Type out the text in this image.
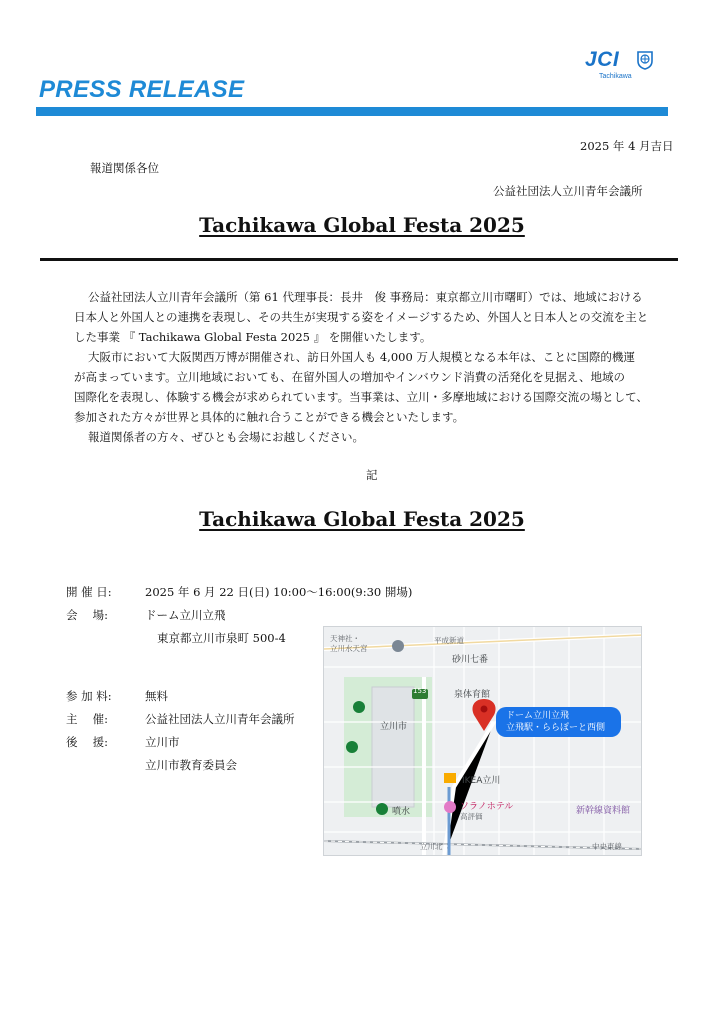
JCI
Tachikawa
PRESS RELEASE
2025 年 4 月吉日
報道関係各位
公益社団法人立川青年会議所
Tachikawa Global Festa 2025

公益社団法人立川青年会議所（第 61 代理事長：長井　俊 事務局：東京都立川市曙町）では、地域における

日本人と外国人との連携を表現し、その共生が実現する姿をイメージするため、外国人と日本人との交流を主と

した事業 『 Tachikawa Global Festa 2025 』 を開催いたします。

大阪市において大阪関西万博が開催され、訪日外国人も 4,000 万人規模となる本年は、ことに国際的機運

が高まっています。立川地域においても、在留外国人の増加やインバウンド消費の活発化を見据え、地域の

国際化を表現し、体験する機会が求められています。当事業は、立川・多摩地域における国際交流の場として、

参加された方々が世界と具体的に触れ合うことができる機会といたします。

報道関係者の方々、ぜひとも会場にお越しください。

記
Tachikawa Global Festa 2025
開 催 日:	2025 年 6 月 22 日(日) 10:00～16:00(9:30 開場)
会　 場:	ドーム立川立飛
東京都立川市泉町 500-4
参 加 料:	無料
主　 催:	公益社団法人立川青年会議所
後　 援:	立川市
立川市教育委員会
天神社・
立川水天宮
平成新道
砂川七番
泉体育館
153
立川市
IKEA立川
ソラノホテル
高評価
噴水	新幹線資料館
中央東線
立川北
ドーム立川立飛
立飛駅・ららぽーと西側
